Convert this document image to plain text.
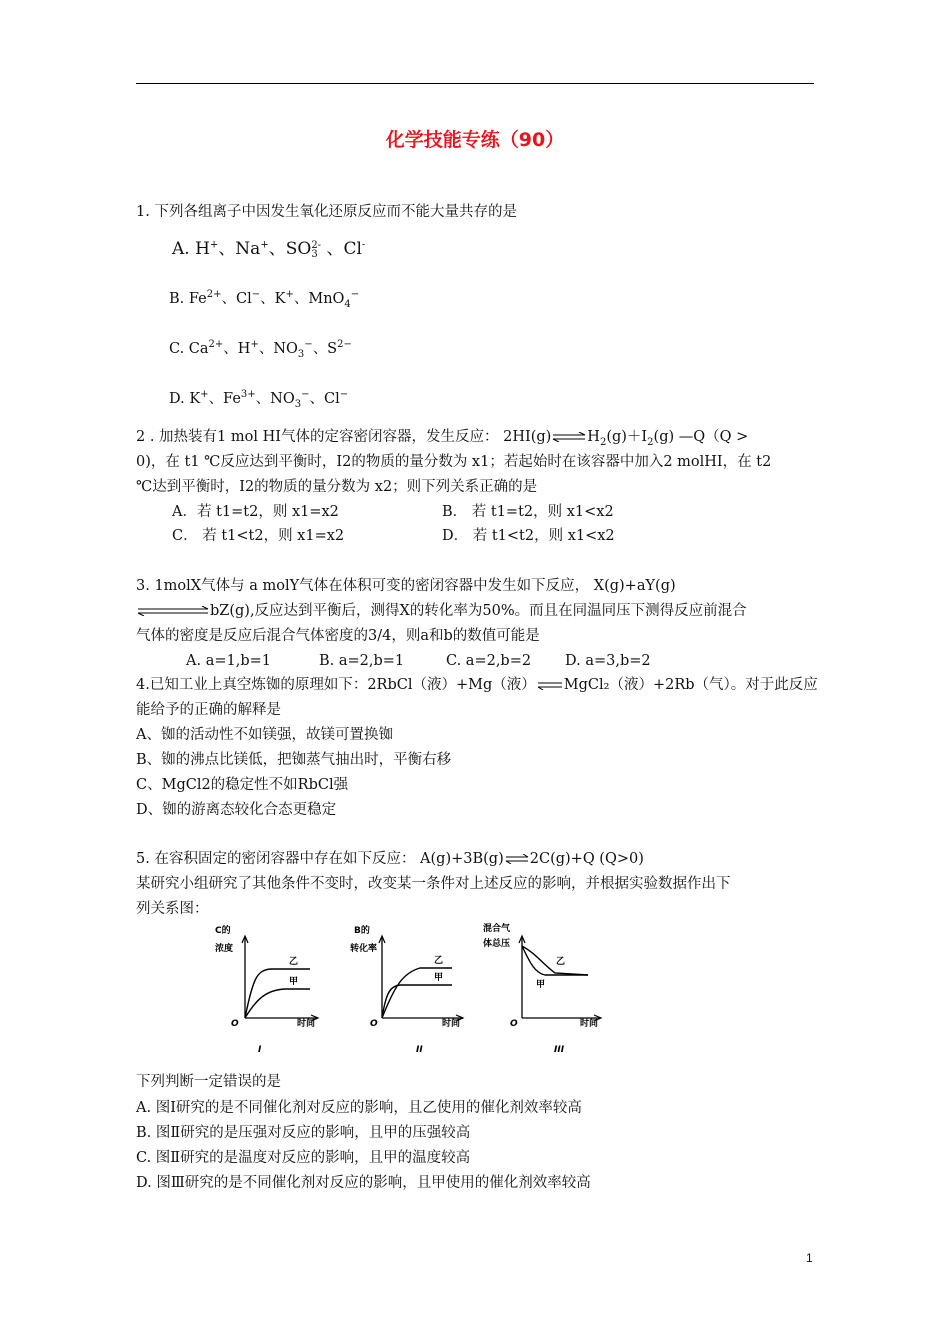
化学技能专练（90）
1. 下列各组离子中因发生氧化还原反应而不能大量共存的是
A. H+、Na+、SO 2-
3 、Cl-
B. $Fe^{2+}$、Cl−、K+、MnO$_4$−
C. $Ca^{2+}$、H+、$NO_3^-$、$S^{2-}$
D. K+、$Fe^{3+}$、$NO_3^-$、Cl−
2 . 加热装有1 mol HI气体的定容密闭容器，发生反应： $2HI(g)\rightleftharpoons H_2(g)+I_2(g)$ —Q（Q >
0)，在 t1 ℃反应达到平衡时，I2的物质的量分数为 x1；若起始时在该容器中加入2 molHI，在 t2
℃达到平衡时，I2的物质的量分数为 x2；则下列关系正确的是
A．若 t1=t2，则 x1=x2	B． 若 t1=t2，则 x1<x2
C． 若 t1<t2，则 x1=x2	D． 若 t1<t2，则 x1<x2
3. 1molX气体与 a molY气体在体积可变的密闭容器中发生如下反应， X(g)+aY(g)
bZ(g),反应达到平衡后，测得X的转化率为50%。而且在同温同压下测得反应前混合
气体的密度是反应后混合气体密度的3/4，则a和b的数值可能是
A. a=1,b=1	B. a=2,b=1	C. a=2,b=2 D. a=3,b=2
4.已知工业上真空炼铷的原理如下：2RbCl（液）+Mg（液） MgCl₂（液）+2Rb（气）。对于此反应
能给予的正确的解释是
A、铷的活动性不如镁强，故镁可置换铷
B、铷的沸点比镁低，把铷蒸气抽出时，平衡右移
C、MgCl2的稳定性不如RbCl强
D、铷的游离态较化合态更稳定
5. 在容积固定的密闭容器中存在如下反应： A(g)+3B(g)⇌2C(g)+Q (Q>0)
某研究小组研究了其他条件不变时，改变某一条件对上述反应的影响，并根据实验数据作出下
列关系图：
C的
浓度
乙
甲
O	时间
I
B的
转化率
乙
甲
O	时间
II
混合气
体总压
乙
甲
O	时间
III
下列判断一定错误的是
A. 图Ⅰ研究的是不同催化剂对反应的影响，且乙使用的催化剂效率较高
B. 图Ⅱ研究的是压强对反应的影响，且甲的压强较高
C. 图Ⅱ研究的是温度对反应的影响，且甲的温度较高
D. 图Ⅲ研究的是不同催化剂对反应的影响，且甲使用的催化剂效率较高
1
